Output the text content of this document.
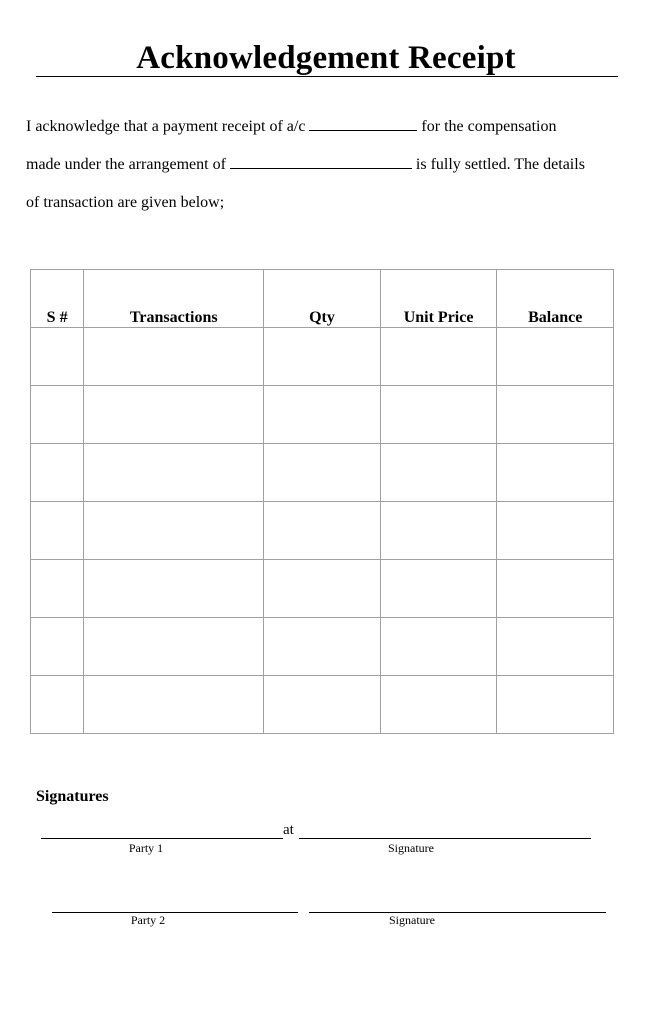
Acknowledgement Receipt
I acknowledge that a payment receipt of a/c	for the compensation
made under the arrangement of	is fully settled. The details
of transaction are given below;
S #	Transactions	Qty	Unit Price	Balance

Signatures
at
Party 1	Signature
Party 2	Signature
